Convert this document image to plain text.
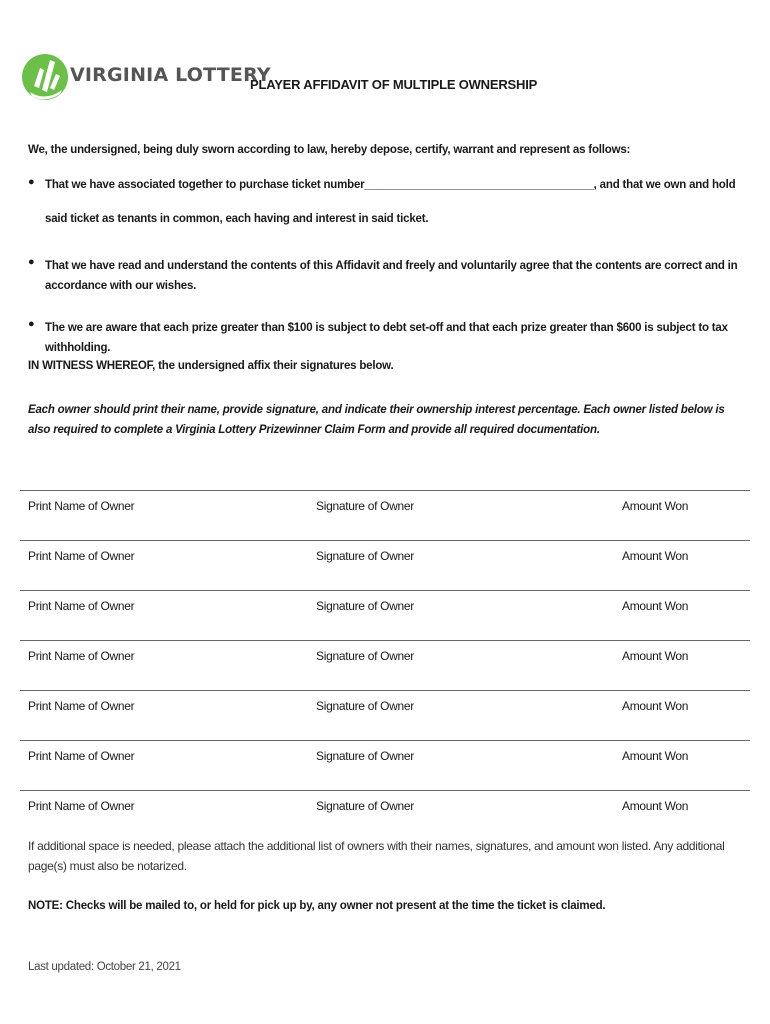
VIRGINIA LOTTERY
PLAYER AFFIDAVIT OF MULTIPLE OWNERSHIP
We, the undersigned, being duly sworn according to law, hereby depose, certify, warrant and represent as follows:
● That we have associated together to purchase ticket number_____________________________________, and that we own and hold said ticket as tenants in common, each having and interest in said ticket.
● That we have read and understand the contents of this Affidavit and freely and voluntarily agree that the contents are correct and in accordance with our wishes.
● The we are aware that each prize greater than $100 is subject to debt set-off and that each prize greater than $600 is subject to tax withholding.
IN WITNESS WHEREOF, the undersigned affix their signatures below.
Each owner should print their name, provide signature, and indicate their ownership interest percentage. Each owner listed below is also required to complete a Virginia Lottery Prizewinner Claim Form and provide all required documentation.
Print Name of Owner	Signature of Owner	Amount Won
Print Name of Owner	Signature of Owner	Amount Won
Print Name of Owner	Signature of Owner	Amount Won
Print Name of Owner	Signature of Owner	Amount Won
Print Name of Owner	Signature of Owner	Amount Won
Print Name of Owner	Signature of Owner	Amount Won
Print Name of Owner	Signature of Owner	Amount Won
If additional space is needed, please attach the additional list of owners with their names, signatures, and amount won listed. Any additional page(s) must also be notarized.
NOTE: Checks will be mailed to, or held for pick up by, any owner not present at the time the ticket is claimed.
Last updated: October 21, 2021
